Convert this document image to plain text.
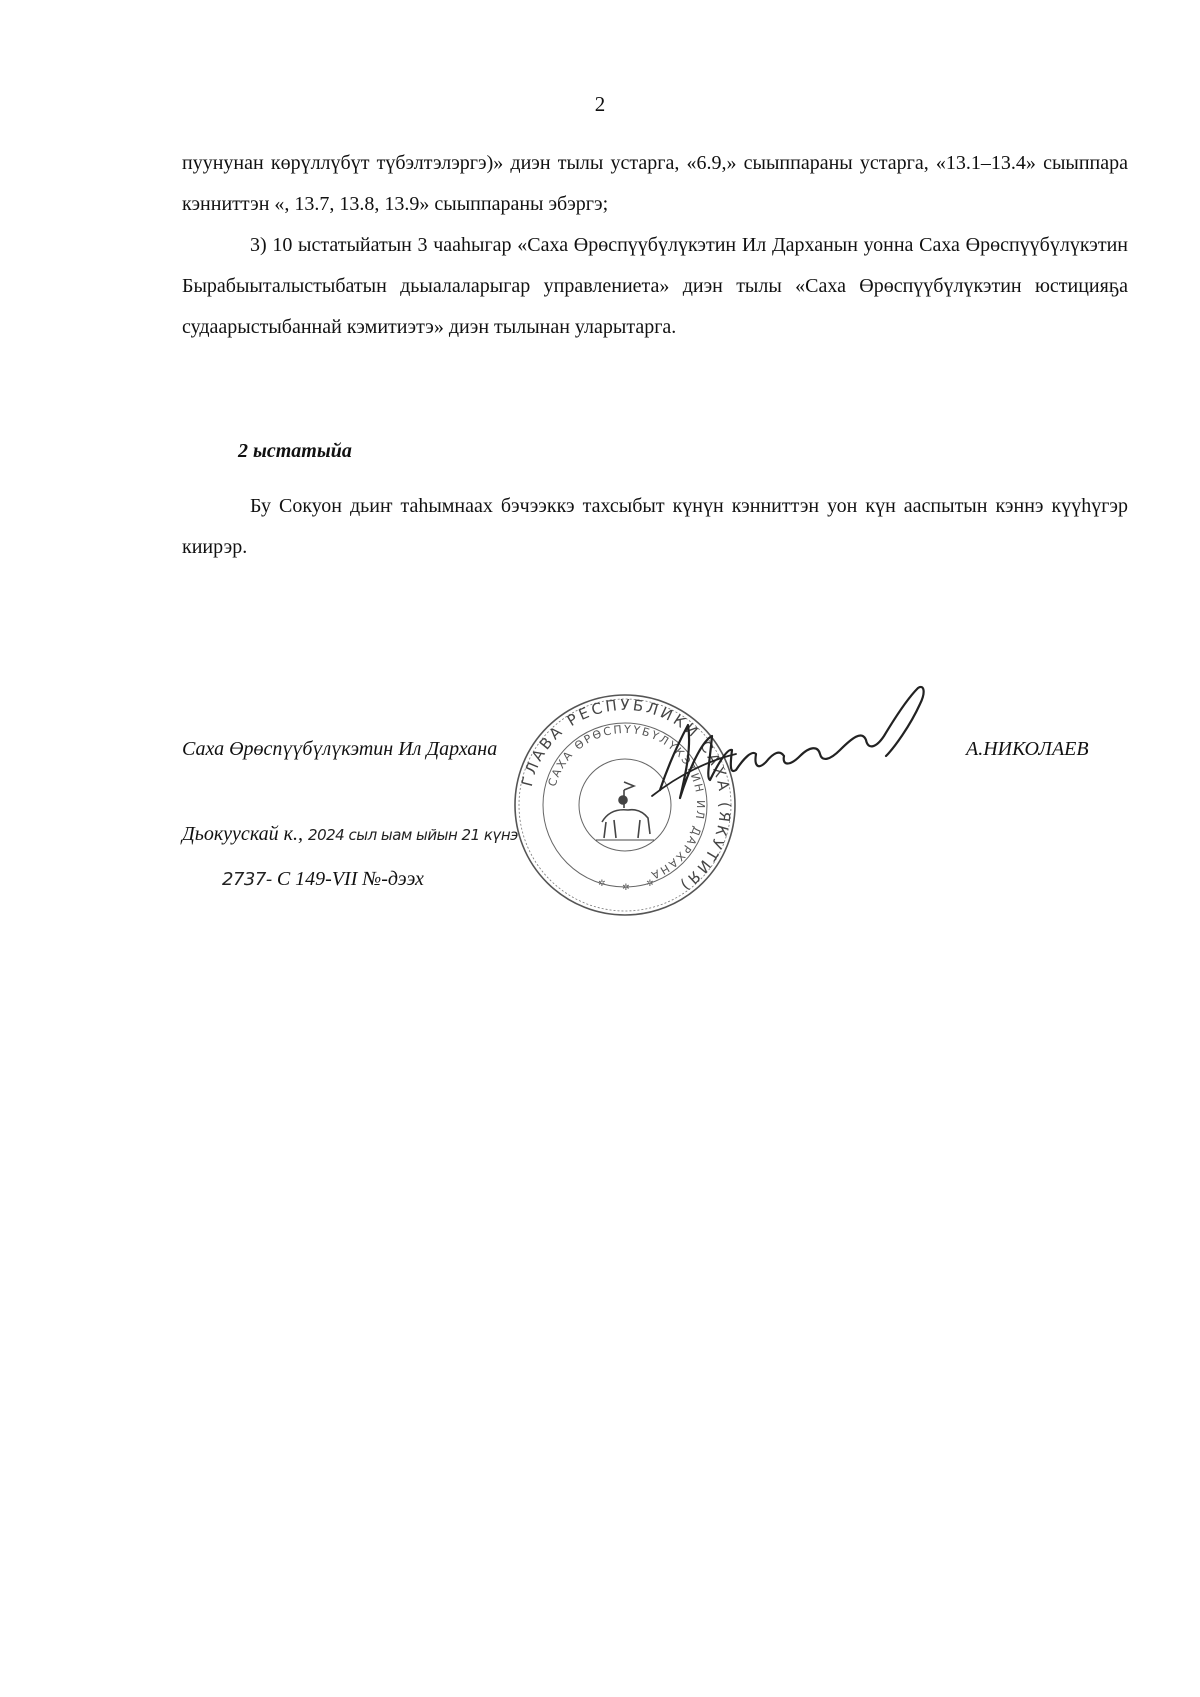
2

пуунунан көрүллүбүт түбэлтэлэргэ)» диэн тылы устарга, «6.9,» сыыппараны устарга, «13.1–13.4» сыыппара кэнниттэн «, 13.7, 13.8, 13.9» сыыппараны эбэргэ;

3) 10 ыстатыйатын 3 чааһыгар «Саха Өрөспүүбүлүкэтин Ил Дарханын уонна Саха Өрөспүүбүлүкэтин Бырабыыталыстыбатын дьыалаларыгар управлениета» диэн тылы «Саха Өрөспүүбүлүкэтин юстицияҕа судаарыстыбаннай кэмитиэтэ» диэн тылынан уларытарга.

2 ыстатыйа
Бу Сокуон дьиҥ таһымнаах бэчээккэ тахсыбыт күнүн кэнниттэн уон күн ааспытын кэннэ күүһүгэр киирэр.
ГЛАВА РЕСПУБЛИКИ САХА (ЯКУТИЯ)
САХА ӨРӨСПҮҮБҮЛҮКЭТИН ИЛ ДАРХАНА
✲ ✲ ✲
Саха Өрөспүүбүлүкэтин Ил Дархана	А.НИКОЛАЕВ
Дьокуускай к., 2024 сыл ыам ыйын 21 күнэ
2737- С 149-VII №-дээх
